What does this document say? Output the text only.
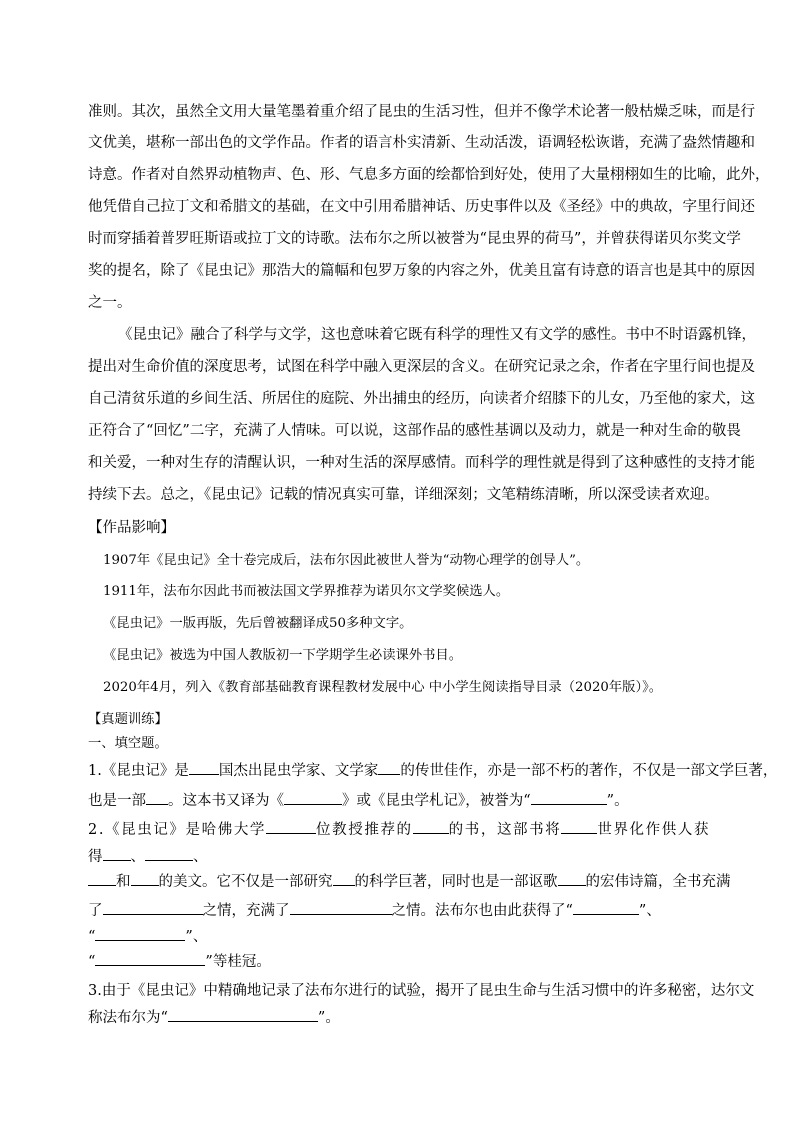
准则。其次，虽然全文用大量笔墨着重介绍了昆虫的生活习性，但并不像学术论著一般枯燥乏味，而是行

文优美，堪称一部出色的文学作品。作者的语言朴实清新、生动活泼，语调轻松诙谐，充满了盎然情趣和

诗意。作者对自然界动植物声、色、形、气息多方面的绘都恰到好处，使用了大量栩栩如生的比喻，此外，

他凭借自己拉丁文和希腊文的基础，在文中引用希腊神话、历史事件以及《圣经》中的典故，字里行间还

时而穿插着普罗旺斯语或拉丁文的诗歌。法布尔之所以被誉为“昆虫界的荷马”，并曾获得诺贝尔奖文学

奖的提名，除了《昆虫记》那浩大的篇幅和包罗万象的内容之外，优美且富有诗意的语言也是其中的原因

之一。

《昆虫记》融合了科学与文学，这也意味着它既有科学的理性又有文学的感性。书中不时语露机锋，

提出对生命价值的深度思考，试图在科学中融入更深层的含义。在研究记录之余，作者在字里行间也提及

自己清贫乐道的乡间生活、所居住的庭院、外出捕虫的经历，向读者介绍膝下的儿女，乃至他的家犬，这

正符合了“回忆”二字，充满了人情味。可以说，这部作品的感性基调以及动力，就是一种对生命的敬畏

和关爱，一种对生存的清醒认识，一种对生活的深厚感情。而科学的理性就是得到了这种感性的支持才能

持续下去。总之，《昆虫记》记载的情况真实可靠，详细深刻；文笔精练清晰，所以深受读者欢迎。

【作品影响】

1907年《昆虫记》全十卷完成后，法布尔因此被世人誉为“动物心理学的创导人”。

1911年，法布尔因此书而被法国文学界推荐为诺贝尔文学奖候选人。

《昆虫记》一版再版，先后曾被翻译成50多种文字。

《昆虫记》被选为中国人教版初一下学期学生必读课外书目。

2020年4月，列入《教育部基础教育课程教材发展中心 中小学生阅读指导目录（2020年版）》。

【真题训练】

一、填空题。

1.《昆虫记》是 国杰出昆虫学家、文学家 的传世佳作，亦是一部不朽的著作，不仅是一部文学巨著，

也是一部 。这本书又译为《	》或《昆虫学札记》，被誉为“	”。

2.《昆虫记》是哈佛大学	位教授推荐的 的书，这部书将 世界化作供人获

得 、	、

和 的美文。它不仅是一部研究 的科学巨著，同时也是一部讴歌 的宏伟诗篇，全书充满

了	之情，充满了	之情。法布尔也由此获得了“	”、

“	”、

“	”等桂冠。

3.由于《昆虫记》中精确地记录了法布尔进行的试验，揭开了昆虫生命与生活习惯中的许多秘密，达尔文

称法布尔为“	”。
